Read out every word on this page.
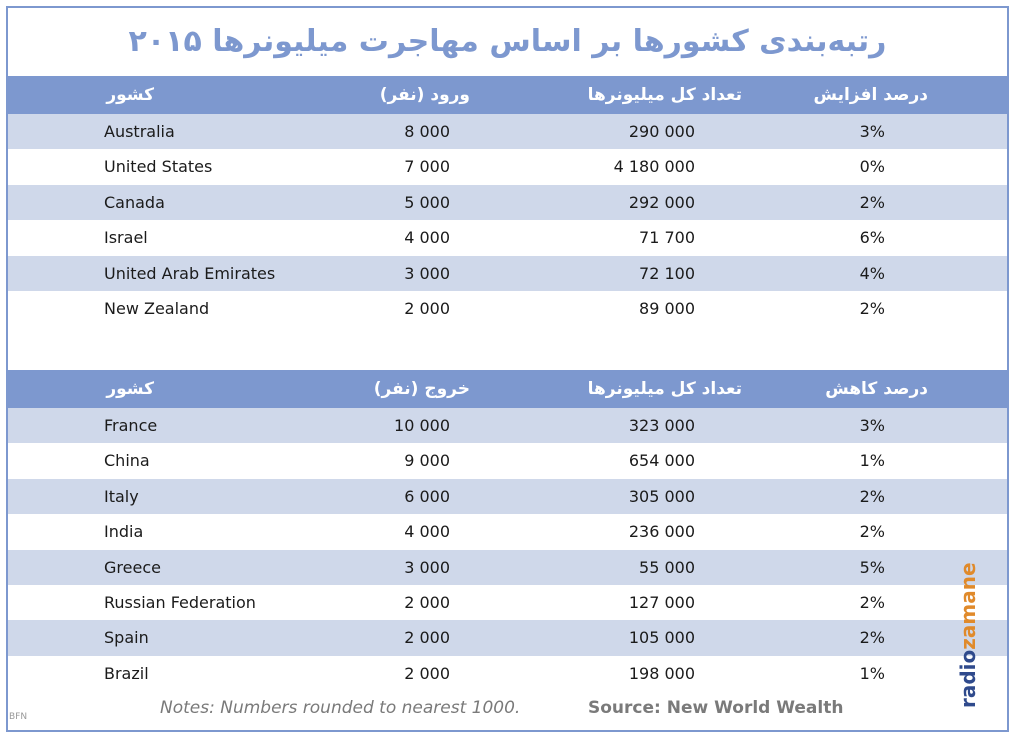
رتبه‌بندی کشورها بر اساس مهاجرت میلیونرها ۲۰۱۵
کشور	ورود (نفر)	تعداد کل میلیونرها	درصد افزایش
Australia	8 000	290 000	3%
United States	7 000	4 180 000	0%
Canada	5 000	292 000	2%
Israel	4 000	71 700	6%
United Arab Emirates	3 000	72 100	4%
New Zealand	2 000	89 000	2%
کشور	خروج (نفر)	تعداد کل میلیونرها	درصد کاهش
France	10 000	323 000	3%
China	9 000	654 000	1%
Italy	6 000	305 000	2%
India	4 000	236 000	2%
Greece	3 000	55 000	5%
Russian Federation	2 000	127 000	2%
Spain	2 000	105 000	2%
Brazil	2 000	198 000	1%
Notes: Numbers rounded to nearest 1000.	Source: New World Wealth
BFN
radiozamane
